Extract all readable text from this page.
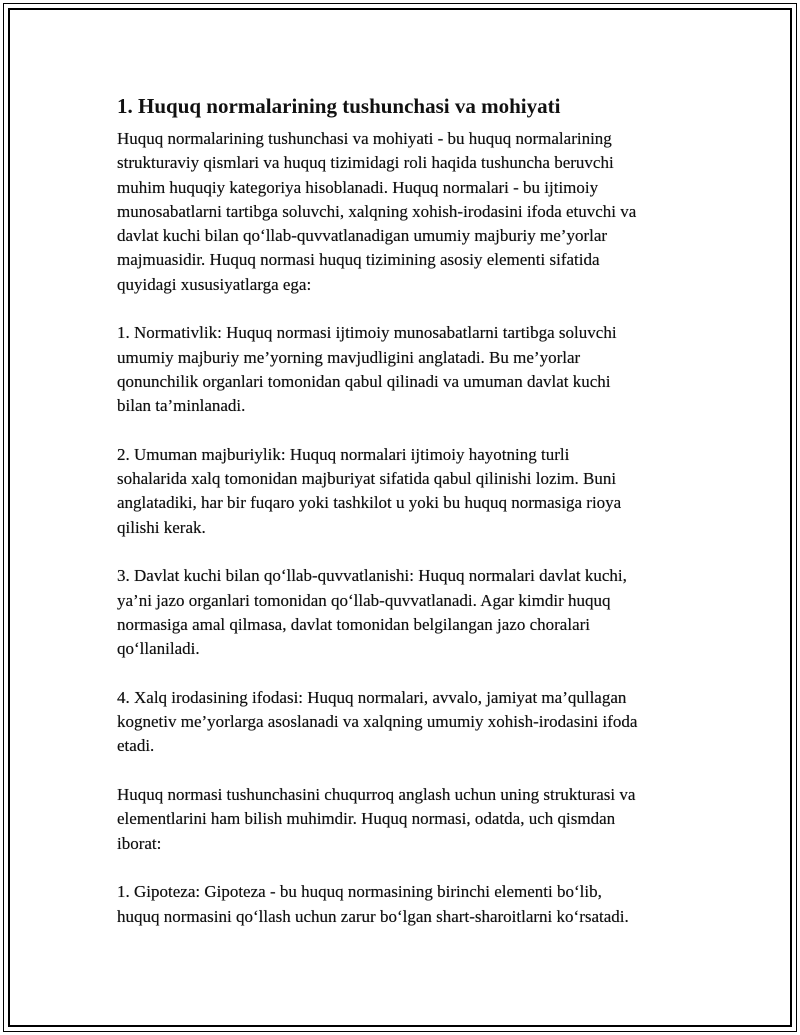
1. Huquq normalarining tushunchasi va mohiyati

Huquq normalarining tushunchasi va mohiyati - bu huquq normalarining
strukturaviy qismlari va huquq tizimidagi roli haqida tushuncha beruvchi
muhim huquqiy kategoriya hisoblanadi. Huquq normalari - bu ijtimoiy
munosabatlarni tartibga soluvchi, xalqning xohish-irodasini ifoda etuvchi va
davlat kuchi bilan qo‘llab-quvvatlanadigan umumiy majburiy me’yorlar
majmuasidir. Huquq normasi huquq tizimining asosiy elementi sifatida
quyidagi xususiyatlarga ega:

1. Normativlik: Huquq normasi ijtimoiy munosabatlarni tartibga soluvchi
umumiy majburiy me’yorning mavjudligini anglatadi. Bu me’yorlar
qonunchilik organlari tomonidan qabul qilinadi va umuman davlat kuchi
bilan ta’minlanadi.

2. Umuman majburiylik: Huquq normalari ijtimoiy hayotning turli
sohalarida xalq tomonidan majburiyat sifatida qabul qilinishi lozim. Buni
anglatadiki, har bir fuqaro yoki tashkilot u yoki bu huquq normasiga rioya
qilishi kerak.

3. Davlat kuchi bilan qo‘llab-quvvatlanishi: Huquq normalari davlat kuchi,
ya’ni jazo organlari tomonidan qo‘llab-quvvatlanadi. Agar kimdir huquq
normasiga amal qilmasa, davlat tomonidan belgilangan jazo choralari
qo‘llaniladi.

4. Xalq irodasining ifodasi: Huquq normalari, avvalo, jamiyat ma’qullagan
kognetiv me’yorlarga asoslanadi va xalqning umumiy xohish-irodasini ifoda
etadi.

Huquq normasi tushunchasini chuqurroq anglash uchun uning strukturasi va
elementlarini ham bilish muhimdir. Huquq normasi, odatda, uch qismdan
iborat:

1. Gipoteza: Gipoteza - bu huquq normasining birinchi elementi bo‘lib,
huquq normasini qo‘llash uchun zarur bo‘lgan shart-sharoitlarni ko‘rsatadi.
